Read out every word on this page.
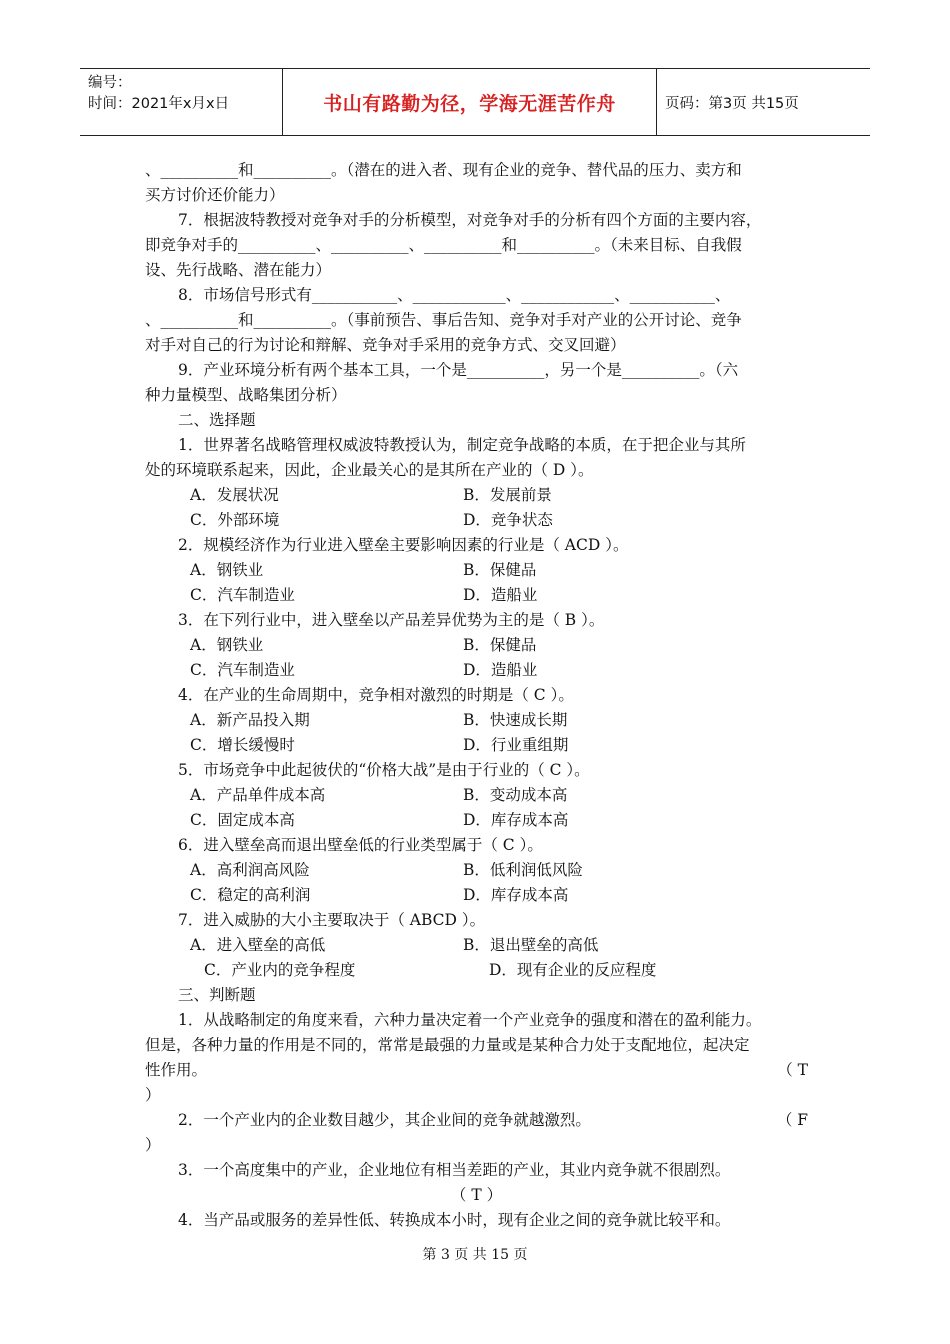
编号：
时间：2021年x月x日	书山有路勤为径，学海无涯苦作舟	页码：第3页 共15页
、__________和__________。（潜在的进入者、现有企业的竞争、替代品的压力、卖方和
买方讨价还价能力）
7．根据波特教授对竞争对手的分析模型，对竞争对手的分析有四个方面的主要内容，
即竞争对手的__________、__________、__________和__________。（未来目标、自我假
设、先行战略、潜在能力）
8．市场信号形式有___________、____________、____________、___________、
、__________和__________。（事前预告、事后告知、竞争对手对产业的公开讨论、竞争
对手对自己的行为讨论和辩解、竞争对手采用的竞争方式、交叉回避）
9．产业环境分析有两个基本工具，一个是__________，另一个是__________。（六
种力量模型、战略集团分析）
二、选择题
1．世界著名战略管理权威波特教授认为，制定竞争战略的本质，在于把企业与其所
处的环境联系起来，因此，企业最关心的是其所在产业的（ D ）。
A．发展状况	B．发展前景
C．外部环境	D．竞争状态
2．规模经济作为行业进入壁垒主要影响因素的行业是（ ACD ）。
A．钢铁业	B．保健品
C．汽车制造业	D．造船业
3．在下列行业中，进入壁垒以产品差异优势为主的是（ B ）。
A．钢铁业	B．保健品
C．汽车制造业	D．造船业
4．在产业的生命周期中，竞争相对激烈的时期是（ C ）。
A．新产品投入期	B．快速成长期
C．增长缓慢时	D．行业重组期
5．市场竞争中此起彼伏的“价格大战”是由于行业的（ C ）。
A．产品单件成本高	B．变动成本高
C．固定成本高	D．库存成本高
6．进入壁垒高而退出壁垒低的行业类型属于（ C ）。
A．高利润高风险	B．低利润低风险
C．稳定的高利润	D．库存成本高
7．进入威胁的大小主要取决于（ ABCD ）。
A．进入壁垒的高低	B．退出壁垒的高低
C．产业内的竞争程度	D．现有企业的反应程度
三、判断题
1．从战略制定的角度来看，六种力量决定着一个产业竞争的强度和潜在的盈利能力。
但是，各种力量的作用是不同的，常常是最强的力量或是某种合力处于支配地位，起决定
性作用。	（ T
）
2．一个产业内的企业数目越少，其企业间的竞争就越激烈。	（ F
）
3．一个高度集中的产业，企业地位有相当差距的产业，其业内竞争就不很剧烈。
（ T ）
4．当产品或服务的差异性低、转换成本小时，现有企业之间的竞争就比较平和。
第 3 页 共 15 页
